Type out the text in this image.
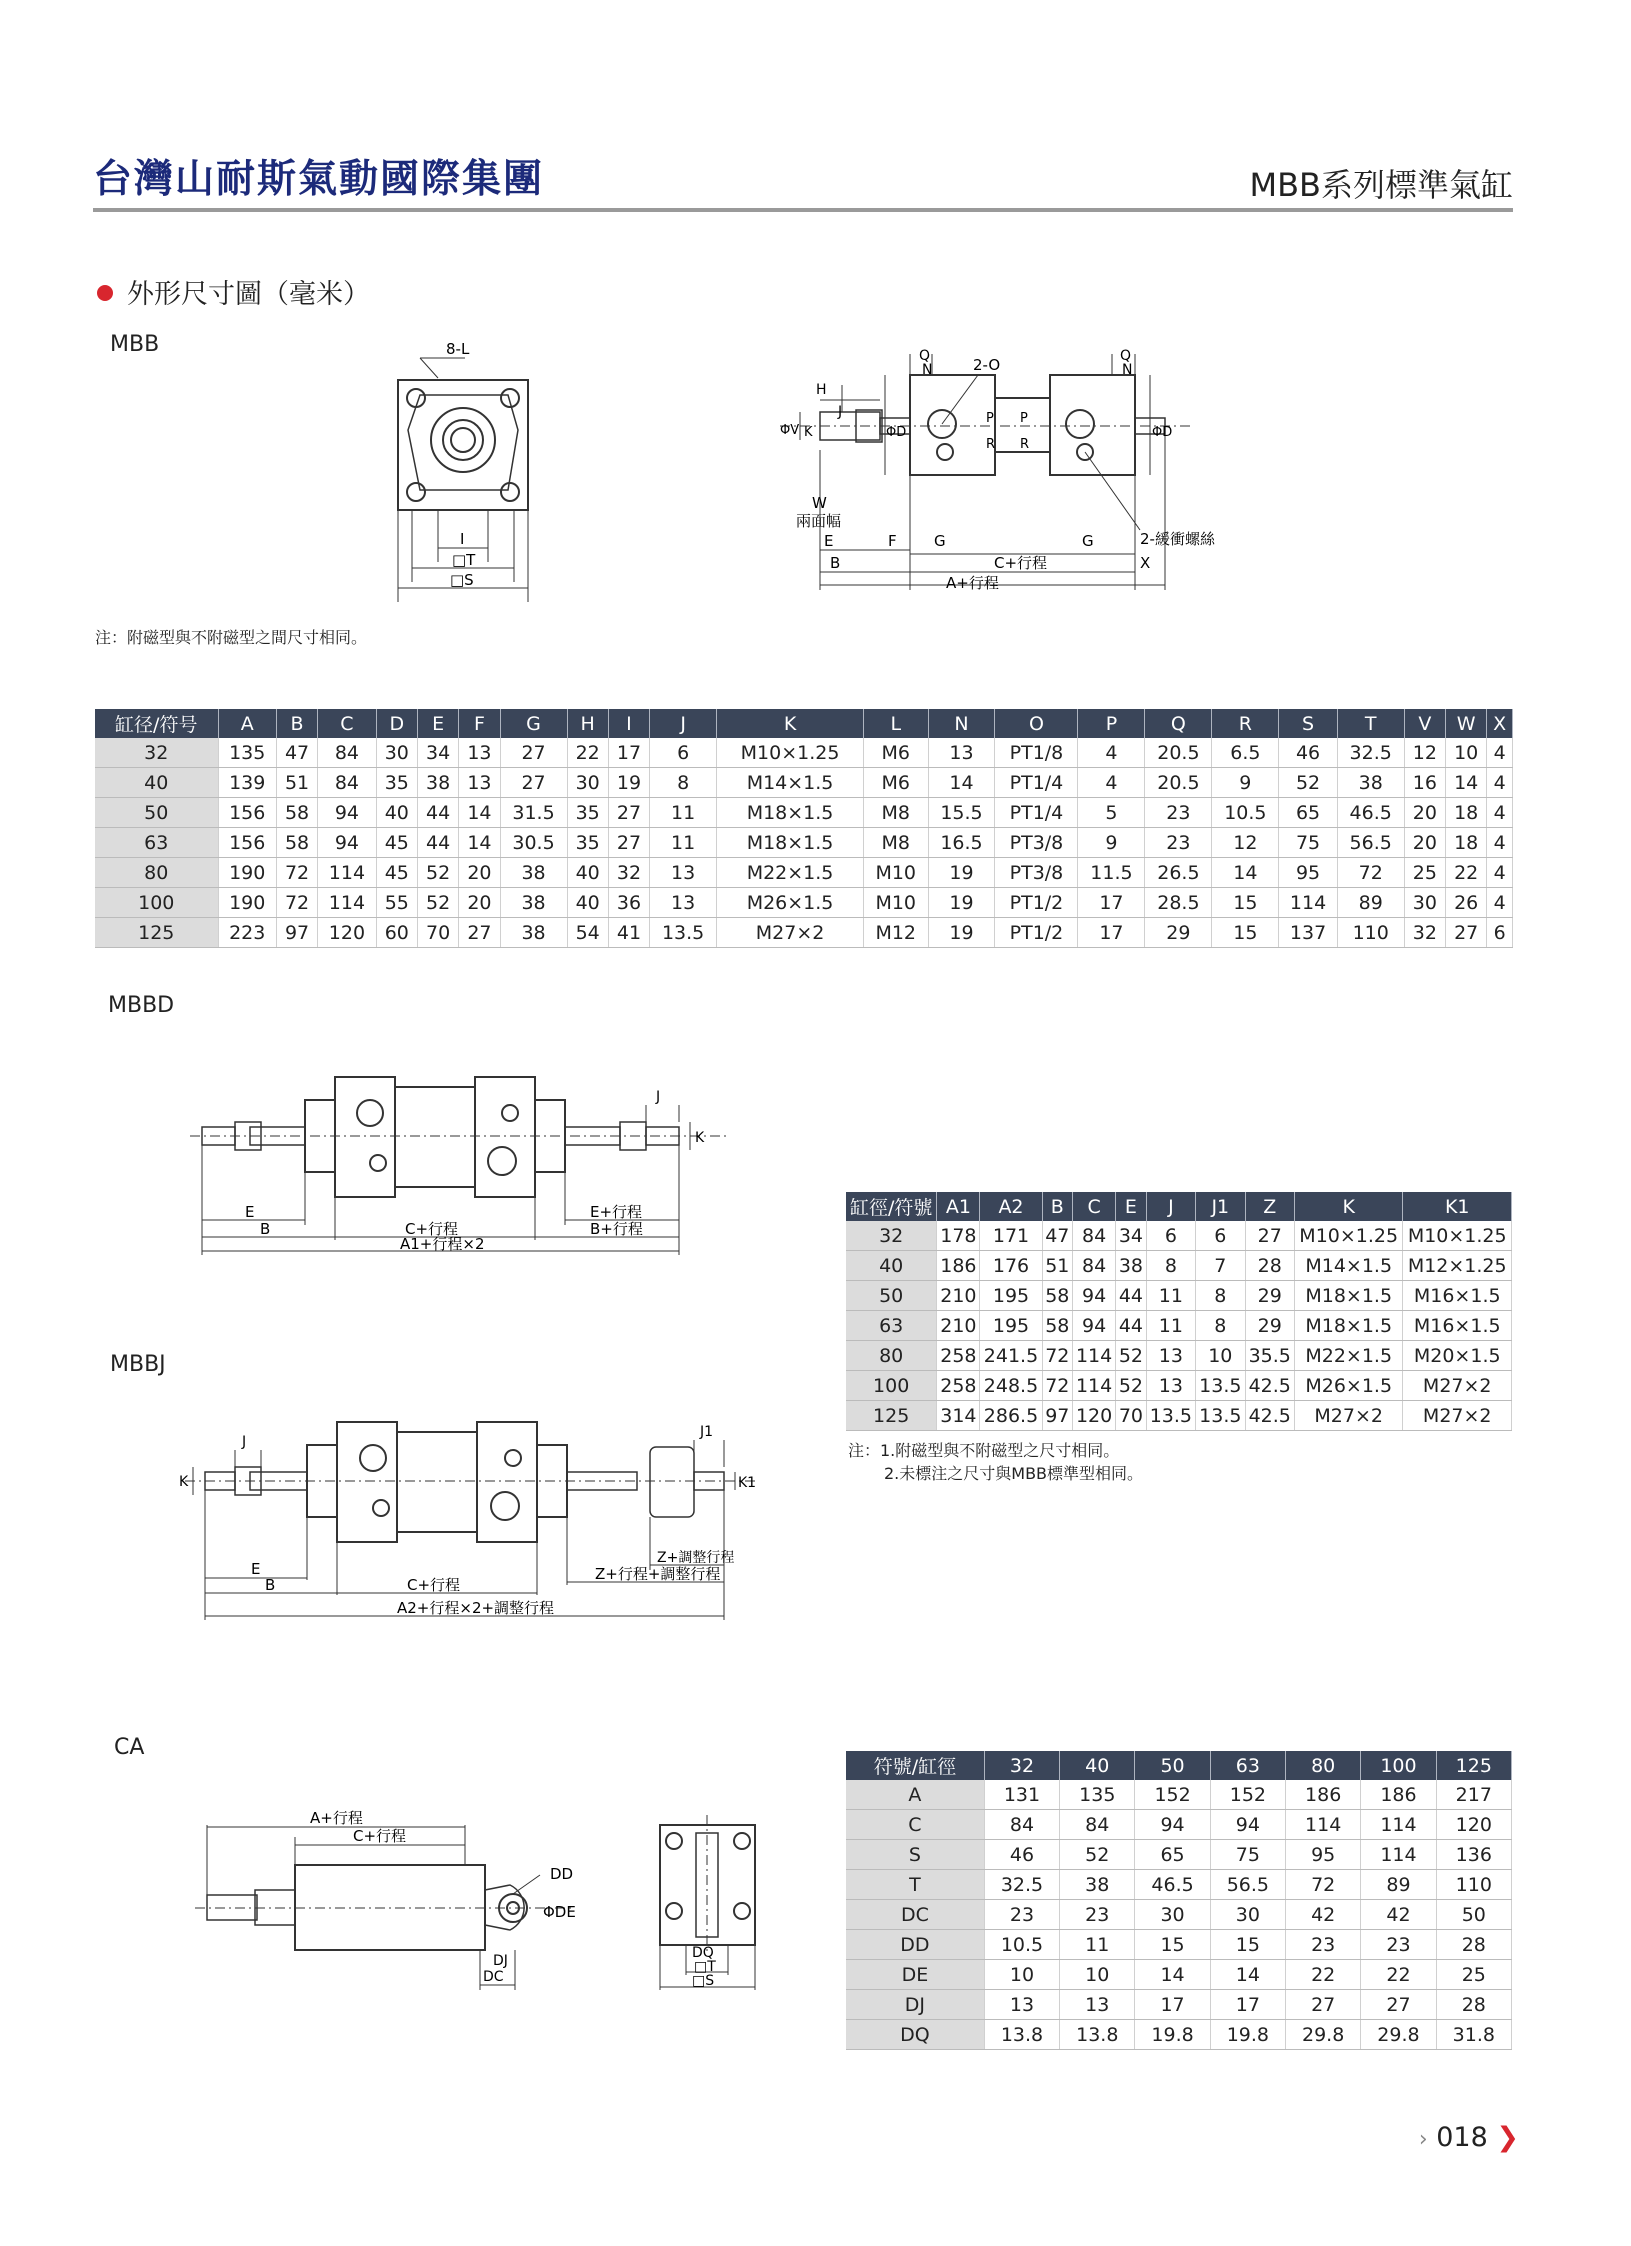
台灣山耐斯氣動國際集團	MBB系列標準氣缸
外形尺寸圖（毫米）
MBB	8-L
I
□T
□S
Q
N	2-O	Q
N
H
J
ΦV K	ΦD	ΦD
P
R
P
R
W
兩面幅
E	F G	G
B	C+行程	X
A+行程
2-緩衝螺絲
注：附磁型與不附磁型之間尺寸相同。
缸径/符号	A	B	C	D	E	F	G	H	I	J	K	L	N	O	P	Q	R	S	T	V	W	X
32	135	47	84	30	34	13	27	22	17	6	M10×1.25	M6	13	PT1/8	4	20.5	6.5	46	32.5	12	10	4
40	139	51	84	35	38	13	27	30	19	8	M14×1.5	M6	14	PT1/4	4	20.5	9	52	38	16	14	4
50	156	58	94	40	44	14	31.5	35	27	11	M18×1.5	M8	15.5	PT1/4	5	23	10.5	65	46.5	20	18	4
63	156	58	94	45	44	14	30.5	35	27	11	M18×1.5	M8	16.5	PT3/8	9	23	12	75	56.5	20	18	4
80	190	72	114	45	52	20	38	40	32	13	M22×1.5	M10	19	PT3/8	11.5	26.5	14	95	72	25	22	4
100	190	72	114	55	52	20	38	40	36	13	M26×1.5	M10	19	PT1/2	17	28.5	15	114	89	30	26	4
125	223	97	120	60	70	27	38	54	41	13.5	M27×2	M12	19	PT1/2	17	29	15	137	110	32	27	6
MBBD
J
K
E	E+行程
B	C+行程	B+行程
A1+行程×2
MBBJ
J
J1
K	K1
E
Z+調整行程
Z+行程+調整行程
B	C+行程
A2+行程×2+調整行程
缸徑/符號	A1	A2	B	C	E	J	J1	Z	K	K1
32	178	171	47	84	34	6	6	27	M10×1.25	M10×1.25
40	186	176	51	84	38	8	7	28	M14×1.5	M12×1.25
50	210	195	58	94	44	11	8	29	M18×1.5	M16×1.5
63	210	195	58	94	44	11	8	29	M18×1.5	M16×1.5
80	258	241.5	72	114	52	13	10	35.5	M22×1.5	M20×1.5
100	258	248.5	72	114	52	13	13.5	42.5	M26×1.5	M27×2
125	314	286.5	97	120	70	13.5	13.5	42.5	M27×2	M27×2
注：1.附磁型與不附磁型之尺寸相同。
2.未標注之尺寸與MBB標準型相同。
CA
A+行程
C+行程
DD
ΦDE
DJ
DC
DQ
□T
□S
符號/缸徑	32	40	50	63	80	100	125
A	131	135	152	152	186	186	217
C	84	84	94	94	114	114	120
S	46	52	65	75	95	114	136
T	32.5	38	46.5	56.5	72	89	110
DC	23	23	30	30	42	42	50
DD	10.5	11	15	15	23	23	28
DE	10	10	14	14	22	22	25
DJ	13	13	17	17	27	27	28
DQ	13.8	13.8	19.8	19.8	29.8	29.8	31.8
› 018 ❯
